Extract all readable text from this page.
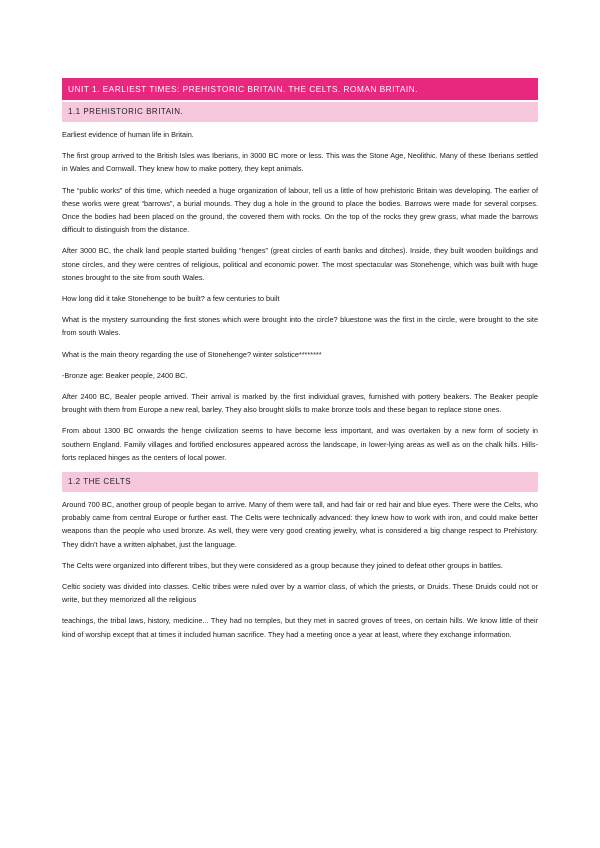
UNIT 1. EARLIEST TIMES: PREHISTORIC BRITAIN. THE CELTS. ROMAN BRITAIN.
1.1 PREHISTORIC BRITAIN.

Earliest evidence of human life in Britain.

The first group arrived to the British Isles was Iberians, in 3000 BC more or less. This was the Stone Age, Neolithic. Many of these Iberians settled in Wales and Cornwall. They knew how to make pottery, they kept animals.

The “public works” of this time, which needed a huge organization of labour, tell us a little of how prehistoric Britain was developing. The earlier of these works were great “barrows”, a burial mounds. They dug a hole in the ground to place the bodies. Barrows were made for several corpses. Once the bodies had been placed on the ground, the covered them with rocks. On the top of the rocks they grew grass, what made the barrows difficult to distinguish from the distance.

After 3000 BC, the chalk land people started building “henges” (great circles of earth banks and ditches). Inside, they built wooden buildings and stone circles, and they were centres of religious, political and economic power. The most spectacular was Stonehenge, which was built with huge stones brought to the site from south Wales.

How long did it take Stonehenge to be built? a few centuries to built

What is the mystery surrounding the first stones which were brought into the circle? bluestone was the first in the circle, were brought to the site from south Wales.

What is the main theory regarding the use of Stonehenge? winter solstice********

-Bronze age: Beaker people, 2400 BC.

After 2400 BC, Bealer people arrived. Their arrival is marked by the first individual graves, furnished with pottery beakers. The Beaker people brought with them from Europe a new real, barley. They also brought skills to make bronze tools and these began to replace stone ones.

From about 1300 BC onwards the henge civilization seems to have become less important, and was overtaken by a new form of society in southern England. Family villages and fortified enclosures appeared across the landscape, in lower-lying areas as well as on the chalk hills. Hills-forts replaced hinges as the centers of local power.

1.2 THE CELTS

Around 700 BC, another group of people began to arrive. Many of them were tall, and had fair or red hair and blue eyes. There were the Celts, who probably came from central Europe or further east. The Celts were technically advanced: they knew how to work with iron, and could make better weapons than the people who used bronze. As well, they were very good creating jewelry, what is considered a big change respect to Prehistory. They didn’t have a written alphabet, just the language.

The Celts were organized into different tribes, but they were considered as a group because they joined to defeat other groups in battles.

Celtic society was divided into classes. Celtic tribes were ruled over by a warrior class, of which the priests, or Druids. These Druids could not or write, but they memorized all the religious

teachings, the tribal laws, history, medicine... They had no temples, but they met in sacred groves of trees, on certain hills. We know little of their kind of worship except that at times it included human sacrifice. They had a meeting once a year at least, where they exchange information.
